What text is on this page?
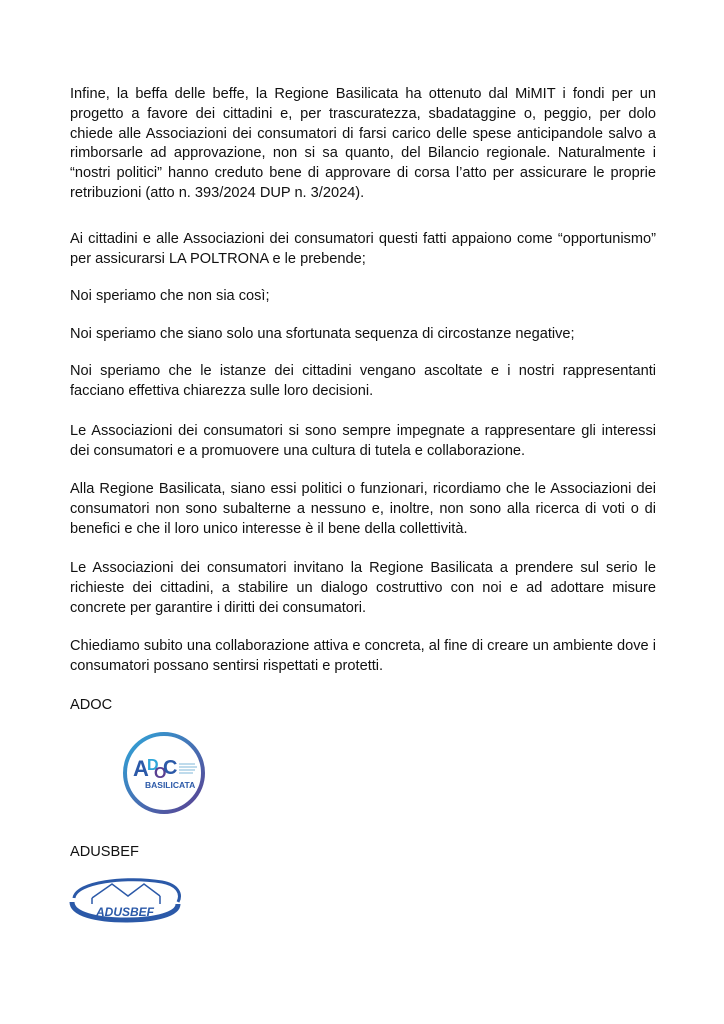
Infine, la beffa delle beffe, la Regione Basilicata ha ottenuto dal MiMIT i fondi per un progetto a favore dei cittadini e, per trascuratezza, sbadataggine o, peggio, per dolo chiede alle Associazioni dei consumatori di farsi carico delle spese anticipandole salvo a rimborsarle ad approvazione, non si sa quanto, del Bilancio regionale. Naturalmente i “nostri politici” hanno creduto bene di approvare di corsa l’atto per assicurare le proprie retribuzioni (atto n. 393/2024 DUP n. 3/2024).

Ai cittadini e alle Associazioni dei consumatori questi fatti appaiono come “opportunismo” per assicurarsi LA POLTRONA e le prebende;

Noi speriamo che non sia così;

Noi speriamo che siano solo una sfortunata sequenza di circostanze negative;

Noi speriamo che le istanze dei cittadini vengano ascoltate e i nostri rappresentanti facciano effettiva chiarezza sulle loro decisioni.

Le Associazioni dei consumatori si sono sempre impegnate a rappresentare gli interessi dei consumatori e a promuovere una cultura di tutela e collaborazione.

Alla Regione Basilicata, siano essi politici o funzionari, ricordiamo che le Associazioni dei consumatori non sono subalterne a nessuno e, inoltre, non sono alla ricerca di voti o di benefici e che il loro unico interesse è il bene della collettività.

Le Associazioni dei consumatori invitano la Regione Basilicata a prendere sul serio le richieste dei cittadini, a stabilire un dialogo costruttivo con noi e ad adottare misure concrete per garantire i diritti dei consumatori.

Chiediamo subito una collaborazione attiva e concreta, al fine di creare un ambiente dove i consumatori possano sentirsi rispettati e protetti.

ADOC

A
D
O
C
BASILICATA

ADUSBEF

ADUSBEF
